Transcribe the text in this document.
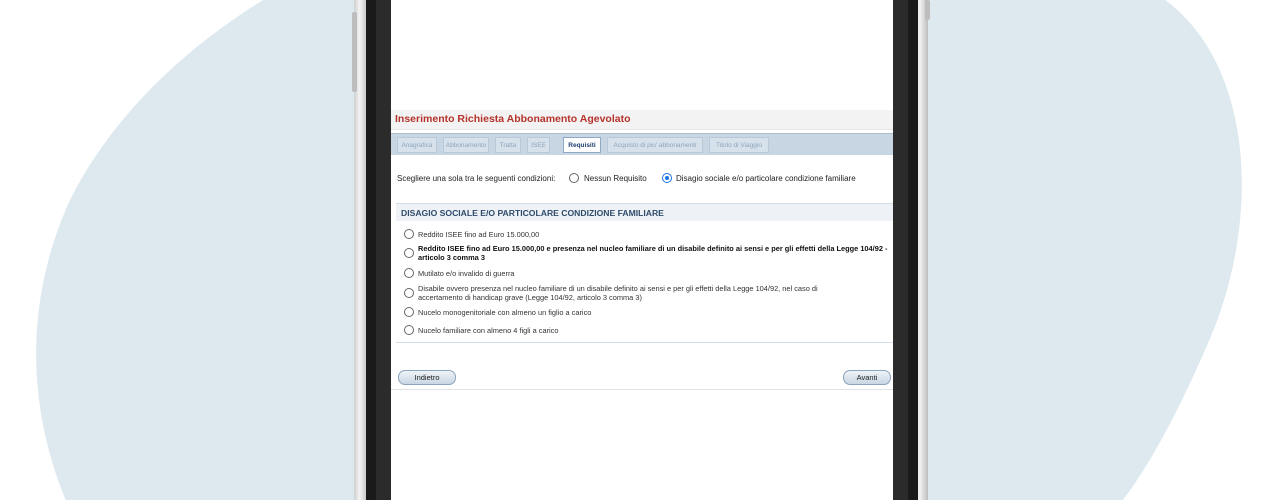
Inserimento Richiesta Abbonamento Agevolato
Anagrafica	Abbonamento	Tratta	ISEE	Requisiti	Acquisto di piu' abbonamenti	Titolo di Viaggio
Scegliere una sola tra le seguenti condizioni:	Nessun Requisito	Disagio sociale e/o particolare condizione familiare
DISAGIO SOCIALE E/O PARTICOLARE CONDIZIONE FAMILIARE
Reddito ISEE fino ad Euro 15.000,00
Reddito ISEE fino ad Euro 15.000,00 e presenza nel nucleo familiare di un disabile definito ai sensi e per gli effetti della Legge 104/92 - articolo 3 comma 3
Mutilato e/o invalido di guerra
Disabile ovvero presenza nel nucleo familiare di un disabile definito ai sensi e per gli effetti della Legge 104/92, nel caso di accertamento di handicap grave (Legge 104/92, articolo 3 comma 3)
Nucelo monogenitoriale con almeno un figlio a carico
Nucelo familiare con almeno 4 figli a carico
Indietro	Avanti
